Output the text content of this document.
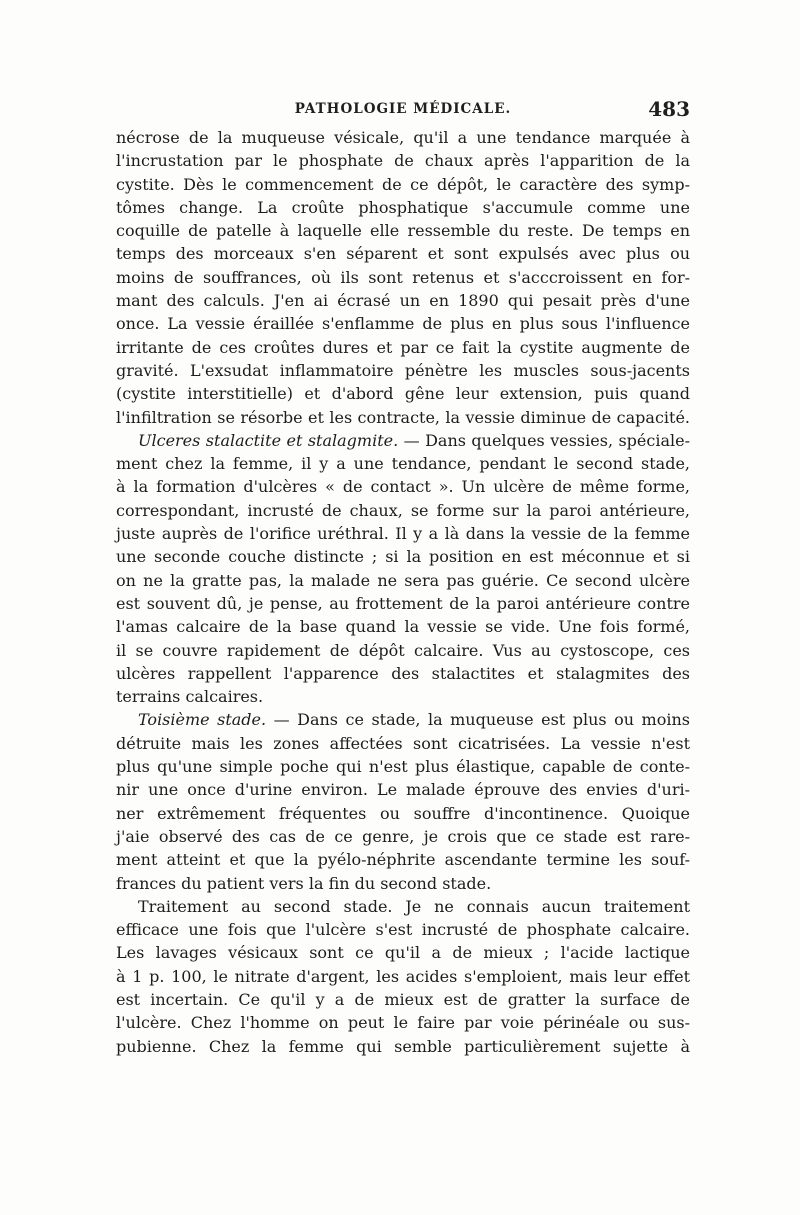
PATHOLOGIE MÉDICALE.	483
nécrose de la muqueuse vésicale, qu'il a une tendance marquée à
l'incrustation par le phosphate de chaux après l'apparition de la
cystite. Dès le commencement de ce dépôt, le caractère des symp-
tômes change. La croûte phosphatique s'accumule comme une
coquille de patelle à laquelle elle ressemble du reste. De temps en
temps des morceaux s'en séparent et sont expulsés avec plus ou
moins de souffrances, où ils sont retenus et s'acccroissent en for-
mant des calculs. J'en ai écrasé un en 1890 qui pesait près d'une
once. La vessie éraillée s'enflamme de plus en plus sous l'influence
irritante de ces croûtes dures et par ce fait la cystite augmente de
gravité. L'exsudat inflammatoire pénètre les muscles sous-jacents
(cystite interstitielle) et d'abord gêne leur extension, puis quand
l'infiltration se résorbe et les contracte, la vessie diminue de capacité.
Ulceres stalactite et stalagmite. — Dans quelques vessies, spéciale-
ment chez la femme, il y a une tendance, pendant le second stade,
à la formation d'ulcères « de contact ». Un ulcère de même forme,
correspondant, incrusté de chaux, se forme sur la paroi antérieure,
juste auprès de l'orifice uréthral. Il y a là dans la vessie de la femme
une seconde couche distincte ; si la position en est méconnue et si
on ne la gratte pas, la malade ne sera pas guérie. Ce second ulcère
est souvent dû, je pense, au frottement de la paroi antérieure contre
l'amas calcaire de la base quand la vessie se vide. Une fois formé,
il se couvre rapidement de dépôt calcaire. Vus au cystoscope, ces
ulcères rappellent l'apparence des stalactites et stalagmites des
terrains calcaires.
Toisième stade. — Dans ce stade, la muqueuse est plus ou moins
détruite mais les zones affectées sont cicatrisées. La vessie n'est
plus qu'une simple poche qui n'est plus élastique, capable de conte-
nir une once d'urine environ. Le malade éprouve des envies d'uri-
ner extrêmement fréquentes ou souffre d'incontinence. Quoique
j'aie observé des cas de ce genre, je crois que ce stade est rare-
ment atteint et que la pyélo-néphrite ascendante termine les souf-
frances du patient vers la fin du second stade.
Traitement au second stade. Je ne connais aucun traitement
efficace une fois que l'ulcère s'est incrusté de phosphate calcaire.
Les lavages vésicaux sont ce qu'il a de mieux ; l'acide lactique
à 1 p. 100, le nitrate d'argent, les acides s'emploient, mais leur effet
est incertain. Ce qu'il y a de mieux est de gratter la surface de
l'ulcère. Chez l'homme on peut le faire par voie périnéale ou sus-
pubienne. Chez la femme qui semble particulièrement sujette à
